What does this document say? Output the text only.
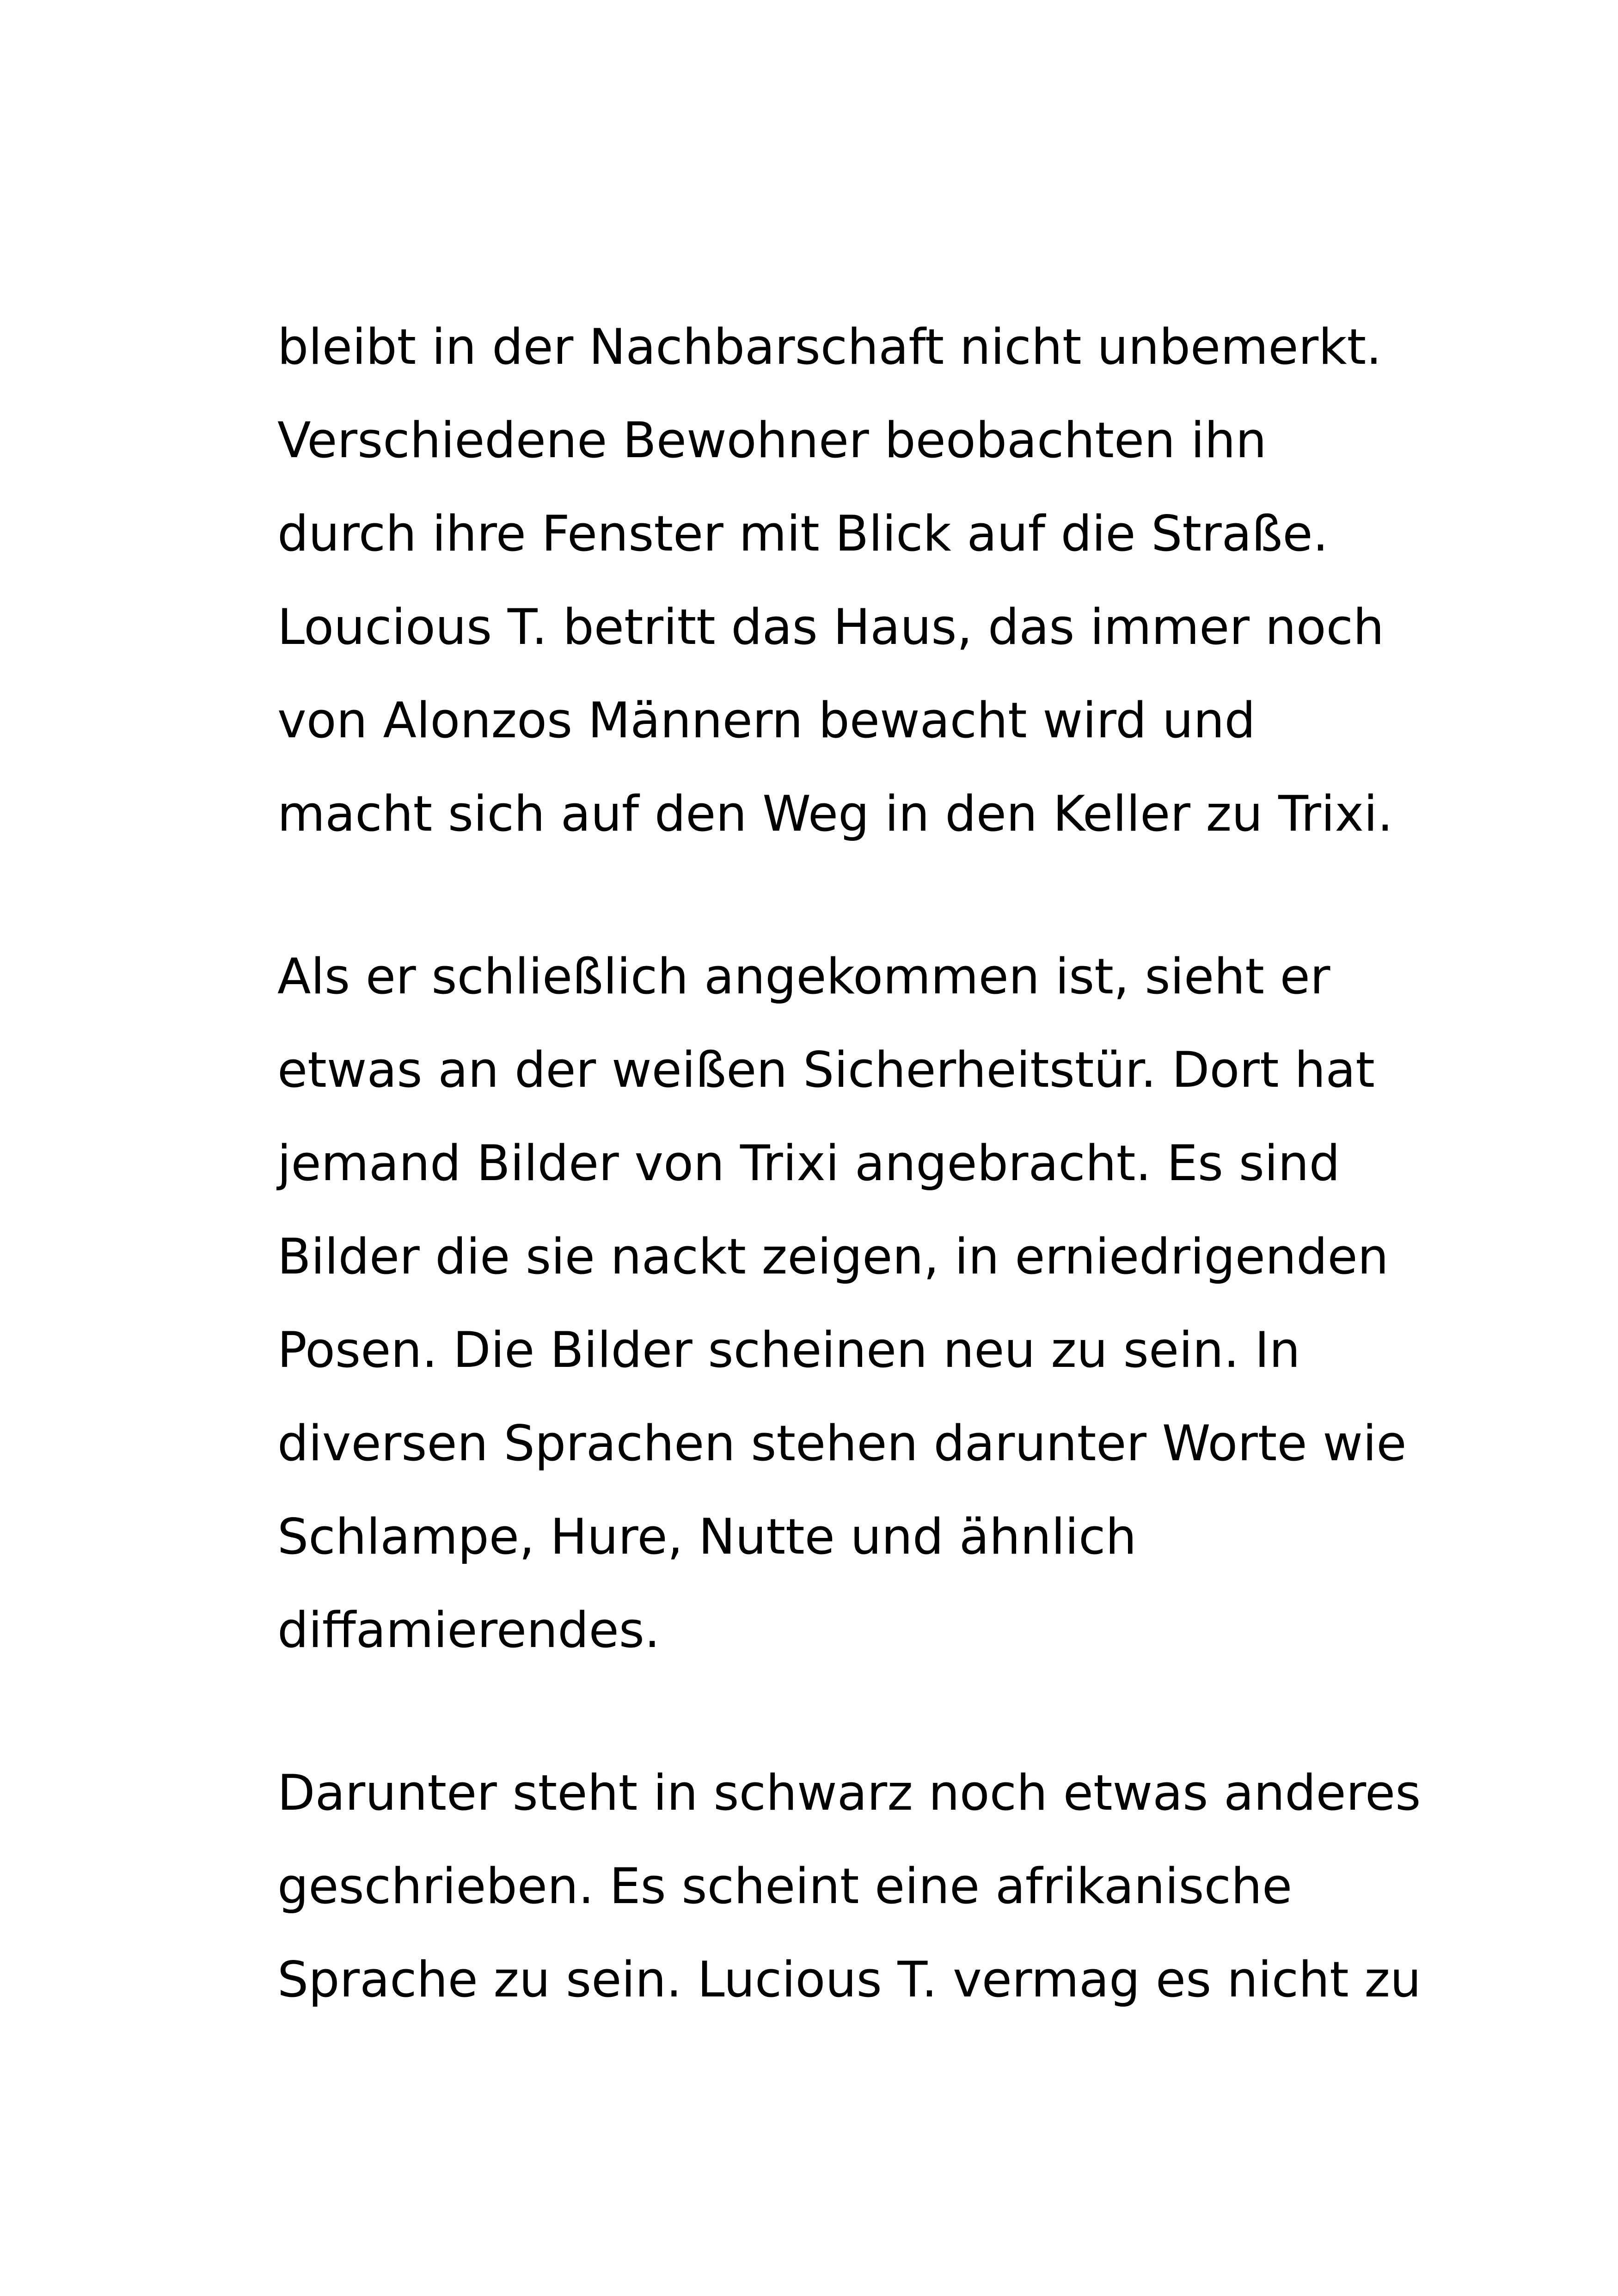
bleibt in der Nachbarschaft nicht unbemerkt.
Verschiedene Bewohner beobachten ihn
durch ihre Fenster mit Blick auf die Straße.
Loucious T. betritt das Haus, das immer noch
von Alonzos Männern bewacht wird und
macht sich auf den Weg in den Keller zu Trixi.

Als er schließlich angekommen ist, sieht er
etwas an der weißen Sicherheitstür. Dort hat
jemand Bilder von Trixi angebracht. Es sind
Bilder die sie nackt zeigen, in erniedrigenden
Posen. Die Bilder scheinen neu zu sein. In
diversen Sprachen stehen darunter Worte wie
Schlampe, Hure, Nutte und ähnlich
diffamierendes.

Darunter steht in schwarz noch etwas anderes
geschrieben. Es scheint eine afrikanische
Sprache zu sein. Lucious T. vermag es nicht zu
